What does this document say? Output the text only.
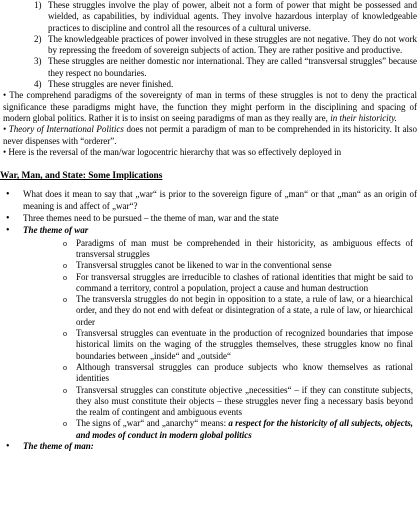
1) These struggles involve the play of power, albeit not a form of power that might be possessed and wielded, as capabilities, by individual agents. They involve hazardous interplay of knowledgeable practices to discipline and control all the resources of a cultural universe.
2) The knowledgeable practices of power involved in these struggles are not negative. They do not work by repressing the freedom of sovereign subjects of action. They are rather positive and productive.
3) These struggles are neither domestic nor international. They are called “transversal struggles” because they respect no boundaries.
4) These struggles are never finished.

• The comprehend paradigms of the sovereignty of man in terms of these struggles is not to deny the practical significance these paradigms might have, the function they might perform in the disciplining and spacing of modern global politics. Rather it is to insist on seeing paradigms of man as they really are, in their historicity.

• Theory of International Politics does not permit a paradigm of man to be comprehended in its historicity. It also never dispenses with “orderer”.

• Here is the reversal of the man/war logocentric hierarchy that was so effectively deployed in

War, Man, and State: Some Implications

• What does it mean to say that „war“ is prior to the sovereign figure of „man“ or that „man“ as an origin of meaning is and affect of „war“?
• Three themes need to be pursued – the theme of man, war and the state
• The theme of war
o Paradigms of man must be comprehended in their historicity, as ambiguous effects of transversal struggles
o Transversal struggles canot be likened to war in the conventional sense
o For transversal struggles are irreducible to clashes of rational identities that might be said to command a territory, control a population, project a cause and human destruction
o The transversla struggles do not begin in opposition to a state, a rule of law, or a hiearchical order, and they do not end with defeat or disintegration of a state, a rule of law, or hiearchical order
o Transversal struggles can eventuate in the production of recognized boundaries that impose historical limits on the waging of the struggles themselves, these struggles know no final boundaries between „inside“ and „outside“
o Although transversal struggles can produce subjects who know themselves as rational identities
o Transversal struggles can constitute objective „necessities“ – if they can constitute subjects, they also must constitute their objects – these struggles never fing a necessary basis beyond the realm of contingent and ambiguous events
o The signs of „war“ and „anarchy“ means: a respect for the historicity of all subjects, objects, and modes of conduct in modern global politics
• The theme of man:
